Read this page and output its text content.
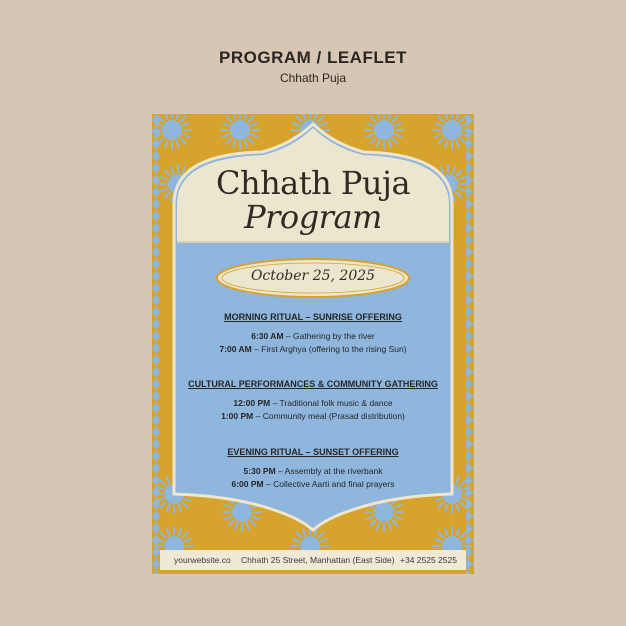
PROGRAM / LEAFLET
Chhath Puja
Chhath Puja
Program
October 25, 2025
MORNING RITUAL – SUNRISE OFFERING
6:30 AM – Gathering by the river
7:00 AM – First Arghya (offering to the rising Sun)
CULTURAL PERFORMANCES & COMMUNITY GATHERING
12:00 PM – Traditional folk music & dance
1:00 PM – Community meal (Prasad distribution)
EVENING RITUAL – SUNSET OFFERING
5:30 PM – Assembly at the riverbank
6:00 PM – Collective Aarti and final prayers
yourwebsite.co Chhath 25 Street, Manhattan (East Side) +34 2525 2525
